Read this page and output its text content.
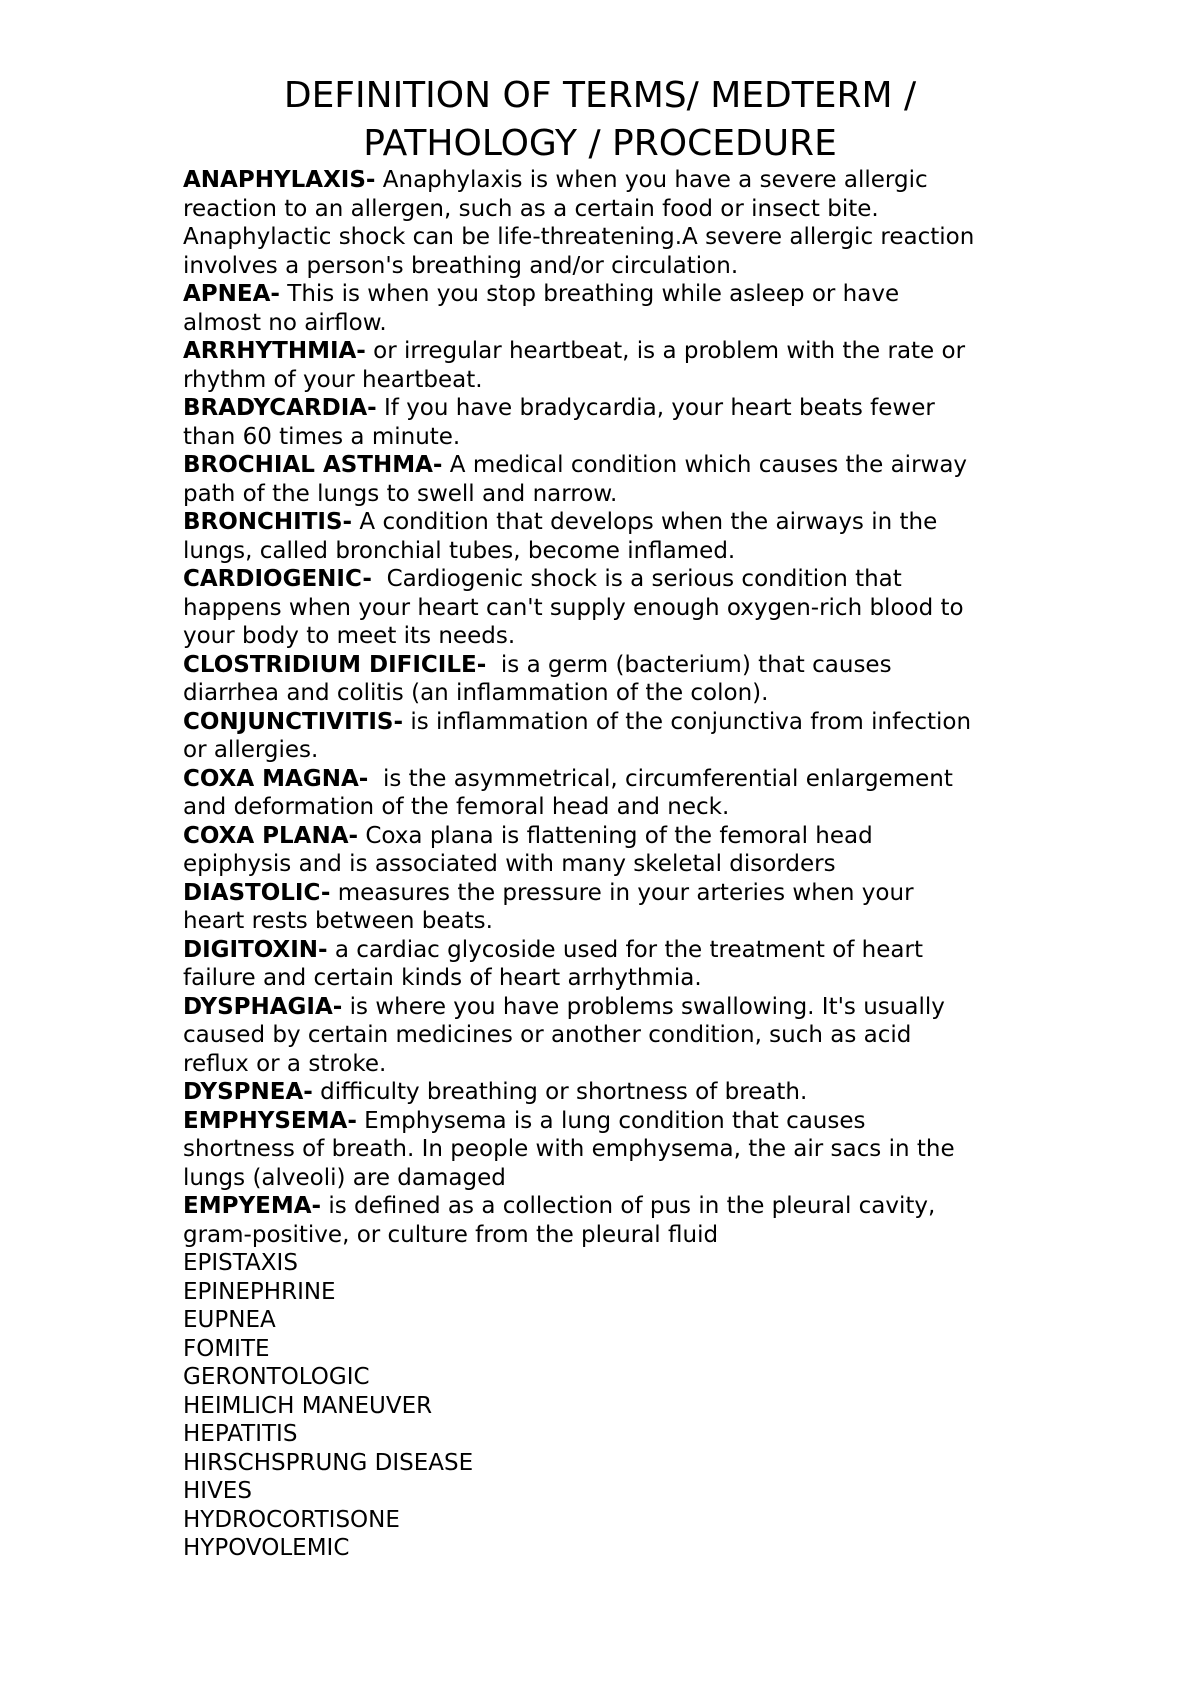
DEFINITION OF TERMS/ MEDTERM /
PATHOLOGY / PROCEDURE
ANAPHYLAXIS- Anaphylaxis is when you have a severe allergic
reaction to an allergen, such as a certain food or insect bite.
Anaphylactic shock can be life-threatening.A severe allergic reaction
involves a person's breathing and/or circulation.
APNEA- This is when you stop breathing while asleep or have
almost no airflow.
ARRHYTHMIA- or irregular heartbeat, is a problem with the rate or
rhythm of your heartbeat.
BRADYCARDIA- If you have bradycardia, your heart beats fewer
than 60 times a minute.
BROCHIAL ASTHMA- A medical condition which causes the airway
path of the lungs to swell and narrow.
BRONCHITIS- A condition that develops when the airways in the
lungs, called bronchial tubes, become inflamed.
CARDIOGENIC-  Cardiogenic shock is a serious condition that
happens when your heart can't supply enough oxygen-rich blood to
your body to meet its needs.
CLOSTRIDIUM DIFICILE-  is a germ (bacterium) that causes
diarrhea and colitis (an inflammation of the colon).
CONJUNCTIVITIS- is inflammation of the conjunctiva from infection
or allergies.
COXA MAGNA-  is the asymmetrical, circumferential enlargement
and deformation of the femoral head and neck.
COXA PLANA- Coxa plana is flattening of the femoral head
epiphysis and is associated with many skeletal disorders
DIASTOLIC- measures the pressure in your arteries when your
heart rests between beats.
DIGITOXIN- a cardiac glycoside used for the treatment of heart
failure and certain kinds of heart arrhythmia.
DYSPHAGIA- is where you have problems swallowing. It's usually
caused by certain medicines or another condition, such as acid
reflux or a stroke.
DYSPNEA- difficulty breathing or shortness of breath.
EMPHYSEMA- Emphysema is a lung condition that causes
shortness of breath. In people with emphysema, the air sacs in the
lungs (alveoli) are damaged
EMPYEMA- is defined as a collection of pus in the pleural cavity,
gram-positive, or culture from the pleural fluid
EPISTAXIS
EPINEPHRINE
EUPNEA
FOMITE
GERONTOLOGIC
HEIMLICH MANEUVER
HEPATITIS
HIRSCHSPRUNG DISEASE
HIVES
HYDROCORTISONE
HYPOVOLEMIC
